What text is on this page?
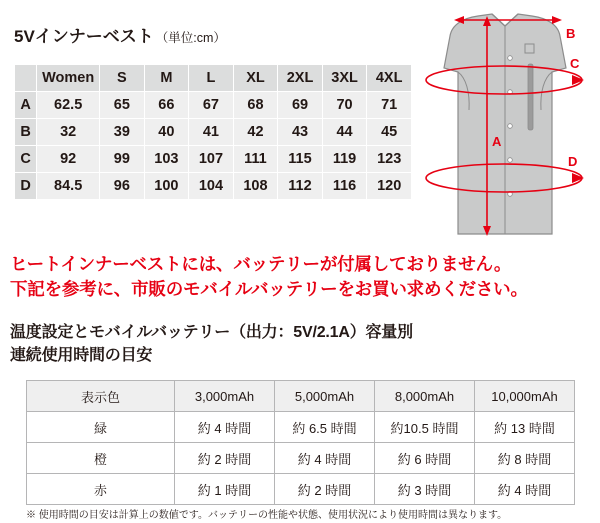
5Vインナーベスト （単位:cm）
	Women	S	M	L	XL	2XL	3XL	4XL
A	62.5	65	66	67	68	69	70	71
B	32	39	40	41	42	43	44	45
C	92	99	103	107	111	115	119	123
D	84.5	96	100	104	108	112	116	120
A
B
C
D
ヒートインナーベストには、バッテリーが付属しておりません。
下記を参考に、市販のモバイルバッテリーをお買い求めください。
温度設定とモバイルバッテリー（出力：5V/2.1A）容量別
連続使用時間の目安
表示色	3,000mAh	5,000mAh	8,000mAh	10,000mAh
緑	約 4 時間	約 6.5 時間	約10.5 時間	約 13 時間
橙	約 2 時間	約 4 時間	約 6 時間	約 8 時間
赤	約 1 時間	約 2 時間	約 3 時間	約 4 時間
※ 使用時間の目安は計算上の数値です。バッテリーの性能や状態、使用状況により使用時間は異なります。
